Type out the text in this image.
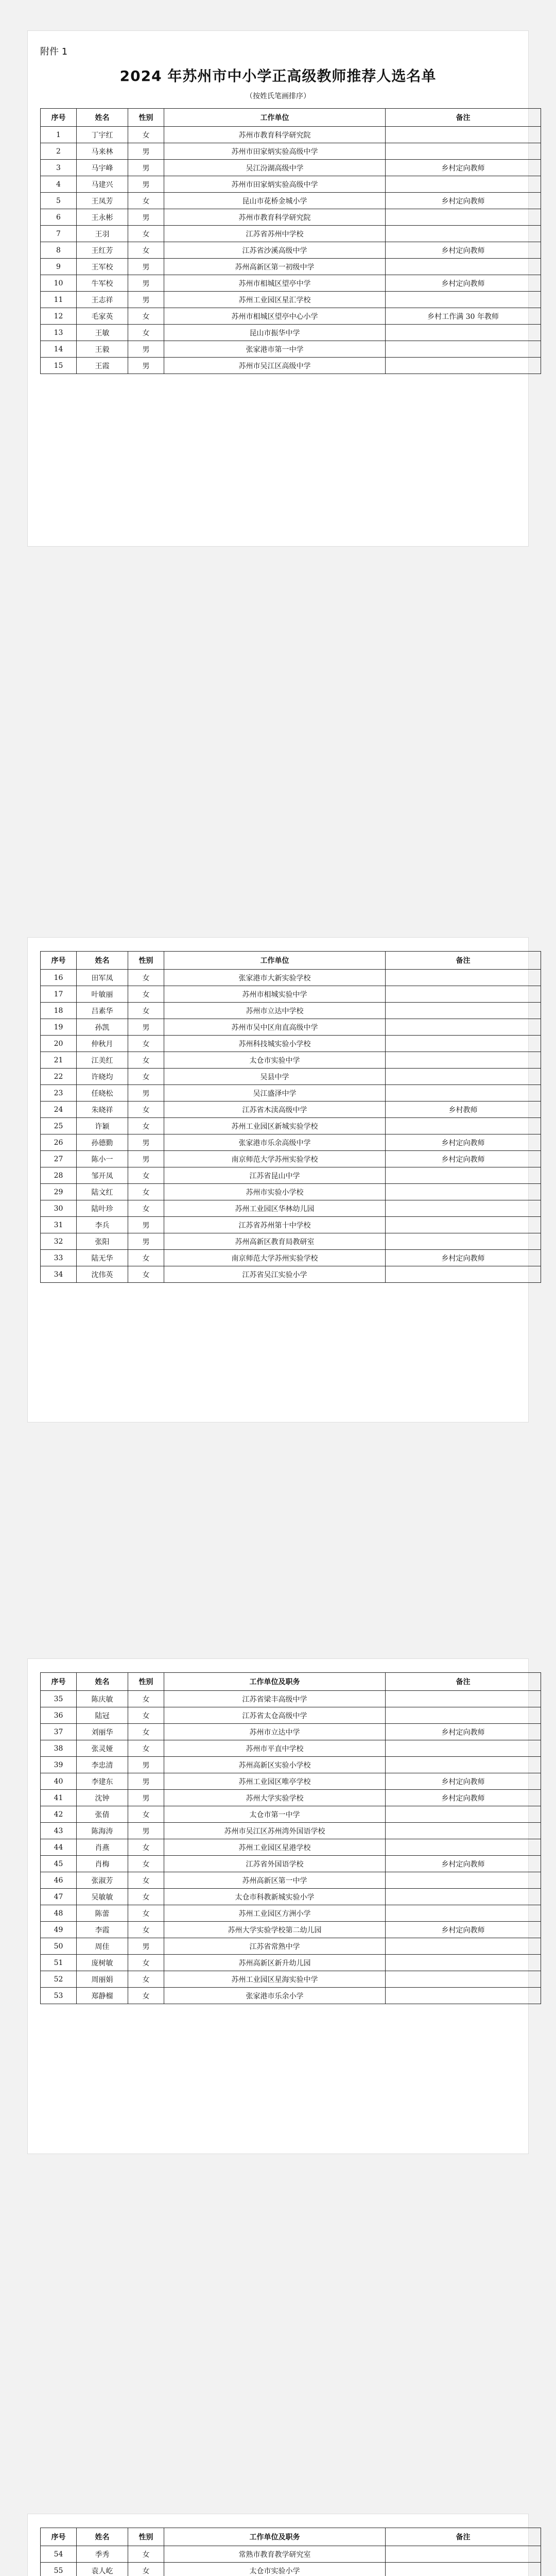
附件 1
2024 年苏州市中小学正高级教师推荐人选名单
（按姓氏笔画排序）
序号	姓名	性别	工作单位	备注
1	丁宇红	女	苏州市教育科学研究院	
2	马来林	男	苏州市田家炳实验高级中学	
3	马宇峰	男	吴江汾湖高级中学	乡村定向教师
4	马建兴	男	苏州市田家炳实验高级中学	
5	王凤芳	女	昆山市花桥金城小学	乡村定向教师
6	王永彬	男	苏州市教育科学研究院	
7	王羽	女	江苏省苏州中学校	
8	王红芳	女	江苏省沙溪高级中学	乡村定向教师
9	王军校	男	苏州高新区第一初级中学	
10	牛军校	男	苏州市相城区望亭中学	乡村定向教师
11	王志祥	男	苏州工业园区星汇学校	
12	毛家英	女	苏州市相城区望亭中心小学	乡村工作满 30 年教师
13	王敏	女	昆山市振华中学	
14	王毅	男	张家港市第一中学	
15	王霞	男	苏州市吴江区高级中学	
序号	姓名	性别	工作单位	备注
16	田军凤	女	张家港市大新实验学校	
17	叶敏丽	女	苏州市相城实验中学	
18	吕素华	女	苏州市立达中学校	
19	孙凯	男	苏州市吴中区甪直高级中学	
20	仲秋月	女	苏州科技城实验小学校	
21	江美红	女	太仓市实验中学	
22	许晓均	女	吴县中学	
23	任晓松	男	吴江盛泽中学	
24	朱晓祥	女	江苏省木渎高级中学	乡村教师
25	许颖	女	苏州工业园区新城实验学校	
26	孙德勤	男	张家港市乐余高级中学	乡村定向教师
27	陈小一	男	南京师范大学苏州实验学校	乡村定向教师
28	邹开凤	女	江苏省昆山中学	
29	陆文红	女	苏州市实验小学校	
30	陆叶珍	女	苏州工业园区华林幼儿园	
31	李兵	男	江苏省苏州第十中学校	
32	张阳	男	苏州高新区教育局教研室	
33	陆无华	女	南京师范大学苏州实验学校	乡村定向教师
34	沈伟英	女	江苏省吴江实验小学	
序号	姓名	性别	工作单位及职务	备注
35	陈庆敏	女	江苏省梁丰高级中学	
36	陆冠	女	江苏省太仓高级中学	
37	刘丽华	女	苏州市立达中学	乡村定向教师
38	张灵娅	女	苏州市平直中学校	
39	李忠清	男	苏州高新区实验小学校	
40	李建东	男	苏州工业园区唯亭学校	乡村定向教师
41	沈钟	男	苏州大学实验学校	乡村定向教师
42	张倩	女	太仓市第一中学	
43	陈海涛	男	苏州市吴江区苏州湾外国语学校	
44	肖燕	女	苏州工业园区星港学校	
45	肖梅	女	江苏省外国语学校	乡村定向教师
46	张淑芳	女	苏州高新区第一中学	
47	吴敏敏	女	太仓市科教新城实验小学	
48	陈蕾	女	苏州工业园区方洲小学	
49	李霞	女	苏州大学实验学校第二幼儿园	乡村定向教师
50	周佳	男	江苏省常熟中学	
51	庞树敏	女	苏州高新区新升幼儿园	
52	周丽娟	女	苏州工业园区星海实验中学	
53	郑静榴	女	张家港市乐余小学	
序号	姓名	性别	工作单位及职务	备注
54	季秀	女	常熟市教育教学研究室	
55	袁人屹	女	太仓市实验小学	
